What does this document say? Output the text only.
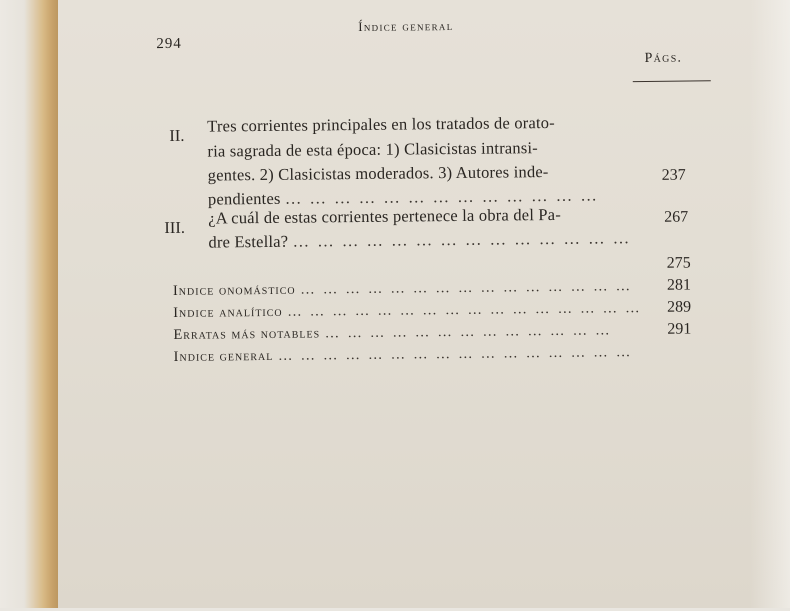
294
Índice general
Págs.
II. Tres corrientes principales en los tratados de orato-
ria sagrada de esta época: 1) Clasicistas intransi-
gentes. 2) Clasicistas moderados. 3) Autores inde-
pendientes … … … … … … … … … … … … …
237
III. ¿A cuál de estas corrientes pertenece la obra del Pa-
dre Estella? … … … … … … … … … … … … … …
267
Indice onomástico … … … … … … … … … … … … … … …
275
Indice analítico … … … … … … … … … … … … … … … …
281
Erratas más notables … … … … … … … … … … … … …
289
Indice general … … … … … … … … … … … … … … … …
291
